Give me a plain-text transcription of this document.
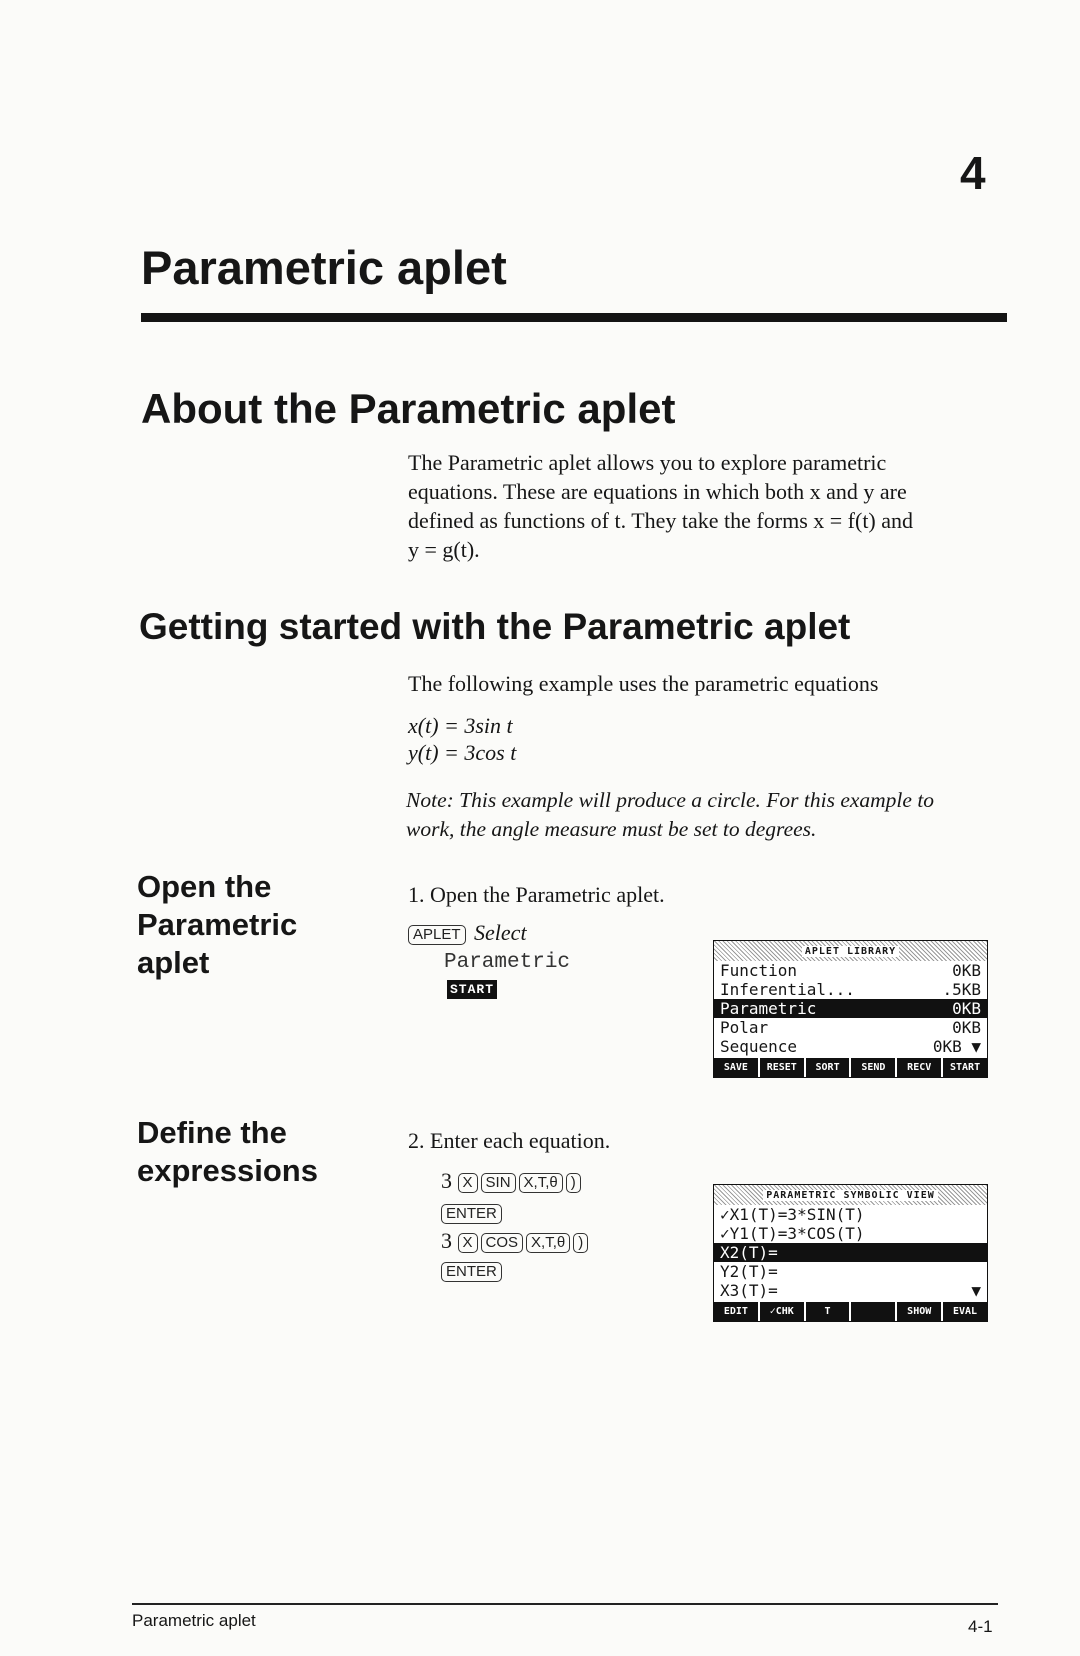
4
Parametric aplet
About the Parametric aplet
The Parametric aplet allows you to explore parametric
equations. These are equations in which both x and y are
defined as functions of t. They take the forms x = f(t) and
y = g(t).
Getting started with the Parametric aplet
The following example uses the parametric equations
x(t) = 3sin t
y(t) = 3cos t
Note: This example will produce a circle. For this example to
work, the angle measure must be set to degrees.
Open the
Parametric
aplet
1. Open the Parametric aplet.
APLET Select
Parametric
START
APLET LIBRARY
Function	0KB
Inferential...	.5KB
Parametric	0KB
Polar	0KB
Sequence	0KB ▼
SAVE	RESET	SORT	SEND	RECV	START
Define the
expressions
2. Enter each equation.
3 X SIN X,T,θ )
ENTER
3 X COS X,T,θ )
ENTER
PARAMETRIC SYMBOLIC VIEW
✓X1(T)=3*SIN(T)
✓Y1(T)=3*COS(T)
X2(T)=
Y2(T)=
X3(T)=	▼
EDIT	✓CHK	T	SHOW	EVAL
Parametric aplet	4-1
